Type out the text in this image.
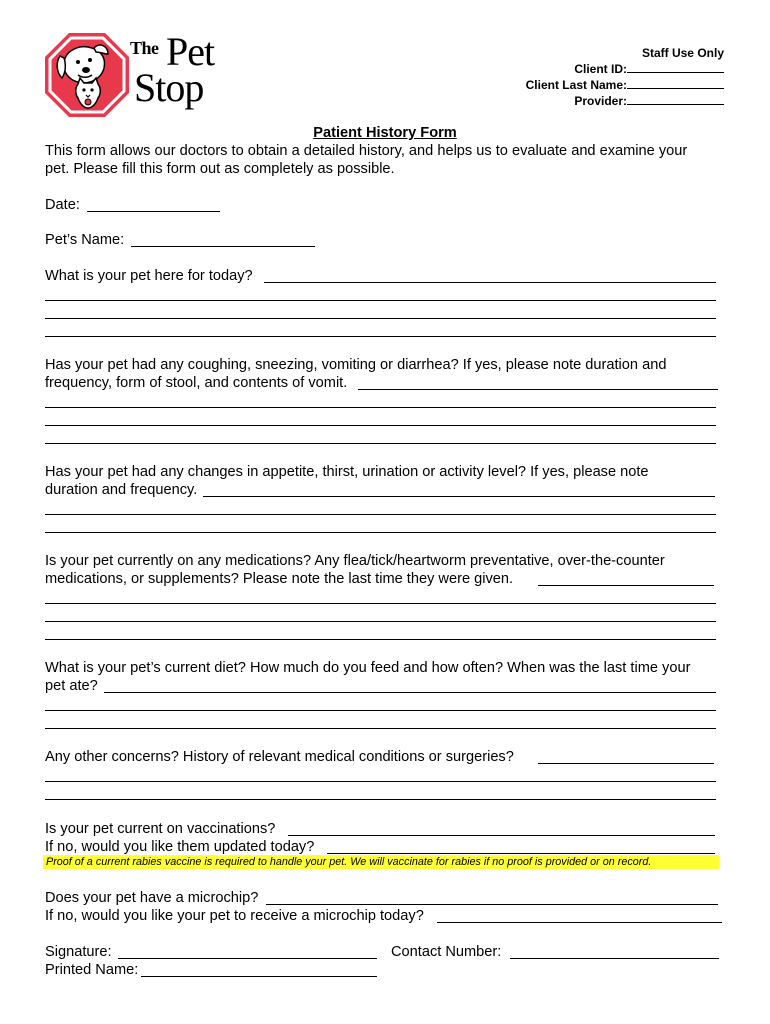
The Pet
Stop
Staff Use Only
Client ID:
Client Last Name:
Provider:
Patient History Form
This form allows our doctors to obtain a detailed history, and helps us to evaluate and examine your
pet. Please fill this form out as completely as possible.
Date:
Pet’s Name:
What is your pet here for today?
Has your pet had any coughing, sneezing, vomiting or diarrhea? If yes, please note duration and
frequency, form of stool, and contents of vomit.
Has your pet had any changes in appetite, thirst, urination or activity level? If yes, please note
duration and frequency.
Is your pet currently on any medications? Any flea/tick/heartworm preventative, over-the-counter
medications, or supplements? Please note the last time they were given.
What is your pet’s current diet? How much do you feed and how often? When was the last time your
pet ate?
Any other concerns? History of relevant medical conditions or surgeries?
Is your pet current on vaccinations?
If no, would you like them updated today?
Proof of a current rabies vaccine is required to handle your pet. We will vaccinate for rabies if no proof is provided or on record.
Does your pet have a microchip?
If no, would you like your pet to receive a microchip today?
Signature:	Contact Number:
Printed Name:
